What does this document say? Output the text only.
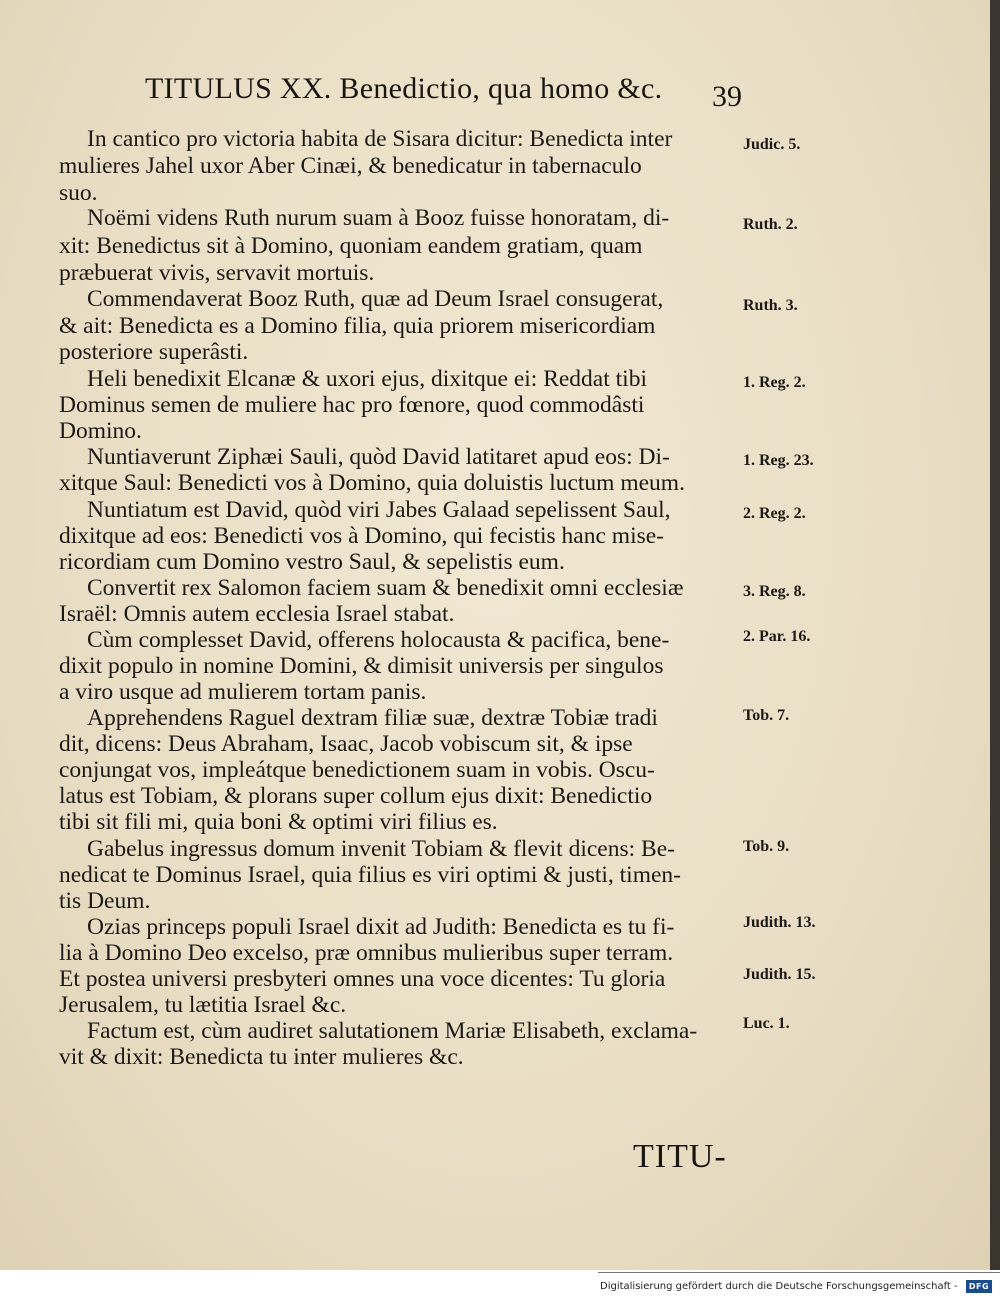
TITULUS XX. Benedictio, qua homo &c. 39
In cantico pro victoria habita de Sisara dicitur: Benedicta inter
mulieres Jahel uxor Aber Cinæi, & benedicatur in tabernaculo
suo.
Noëmi videns Ruth nurum suam à Booz fuisse honoratam, di-
xit: Benedictus sit à Domino, quoniam eandem gratiam, quam
præbuerat vivis, servavit mortuis.
Commendaverat Booz Ruth, quæ ad Deum Israel consugerat,
& ait: Benedicta es a Domino filia, quia priorem misericordiam
posteriore superâsti.
Heli benedixit Elcanæ & uxori ejus, dixitque ei: Reddat tibi
Dominus semen de muliere hac pro fœnore, quod commodâsti
Domino.
Nuntiaverunt Ziphæi Sauli, quòd David latitaret apud eos: Di-
xitque Saul: Benedicti vos à Domino, quia doluistis luctum meum.
Nuntiatum est David, quòd viri Jabes Galaad sepelissent Saul,
dixitque ad eos: Benedicti vos à Domino, qui fecistis hanc mise-
ricordiam cum Domino vestro Saul, & sepelistis eum.
Convertit rex Salomon faciem suam & benedixit omni ecclesiæ
Israël: Omnis autem ecclesia Israel stabat.
Cùm complesset David, offerens holocausta & pacifica, bene-
dixit populo in nomine Domini, & dimisit universis per singulos
a viro usque ad mulierem tortam panis.
Apprehendens Raguel dextram filiæ suæ, dextræ Tobiæ tradi
dit, dicens: Deus Abraham, Isaac, Jacob vobiscum sit, & ipse
conjungat vos, impleátque benedictionem suam in vobis. Oscu-
latus est Tobiam, & plorans super collum ejus dixit: Benedictio
tibi sit fili mi, quia boni & optimi viri filius es.
Gabelus ingressus domum invenit Tobiam & flevit dicens: Be-
nedicat te Dominus Israel, quia filius es viri optimi & justi, timen-
tis Deum.
Ozias princeps populi Israel dixit ad Judith: Benedicta es tu fi-
lia à Domino Deo excelso, præ omnibus mulieribus super terram.
Et postea universi presbyteri omnes una voce dicentes: Tu gloria
Jerusalem, tu lætitia Israel &c.
Factum est, cùm audiret salutationem Mariæ Elisabeth, exclama-
vit & dixit: Benedicta tu inter mulieres &c.
Judic. 5.
Ruth. 2.
Ruth. 3.
1. Reg. 2.
1. Reg. 23.
2. Reg. 2.
3. Reg. 8.
2. Par. 16.
Tob. 7.
Tob. 9.
Judith. 13.
Judith. 15.
Luc. 1.
TITU-
Digitalisierung gefördert durch die Deutsche Forschungsgemeinschaft -	DFG
